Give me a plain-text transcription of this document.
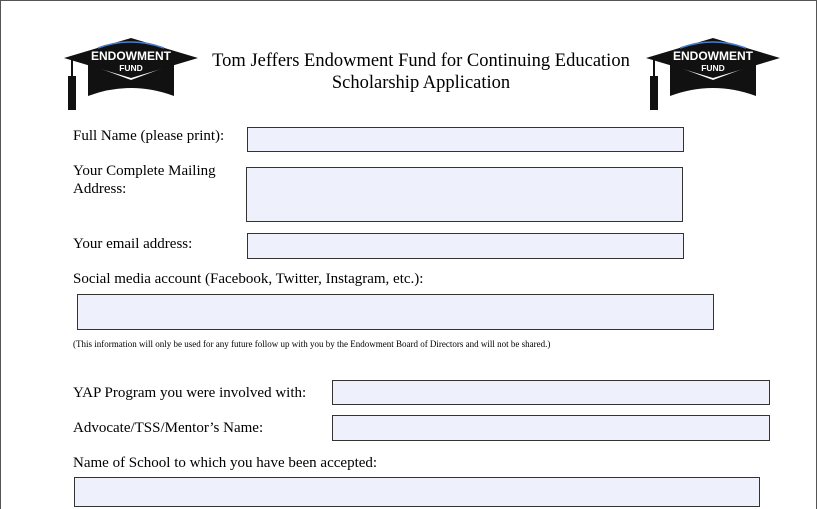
ENDOWMENT
FUND
ENDOWMENT
FUND
Tom Jeffers Endowment Fund for Continuing Education
Scholarship Application
Full Name (please print):
Your Complete Mailing
Address:
Your email address:
Social media account (Facebook, Twitter, Instagram, etc.):
(This information will only be used for any future follow up with you by the Endowment Board of Directors and will not be shared.)
YAP Program you were involved with:
Advocate/TSS/Mentor’s Name:
Name of School to which you have been accepted:
